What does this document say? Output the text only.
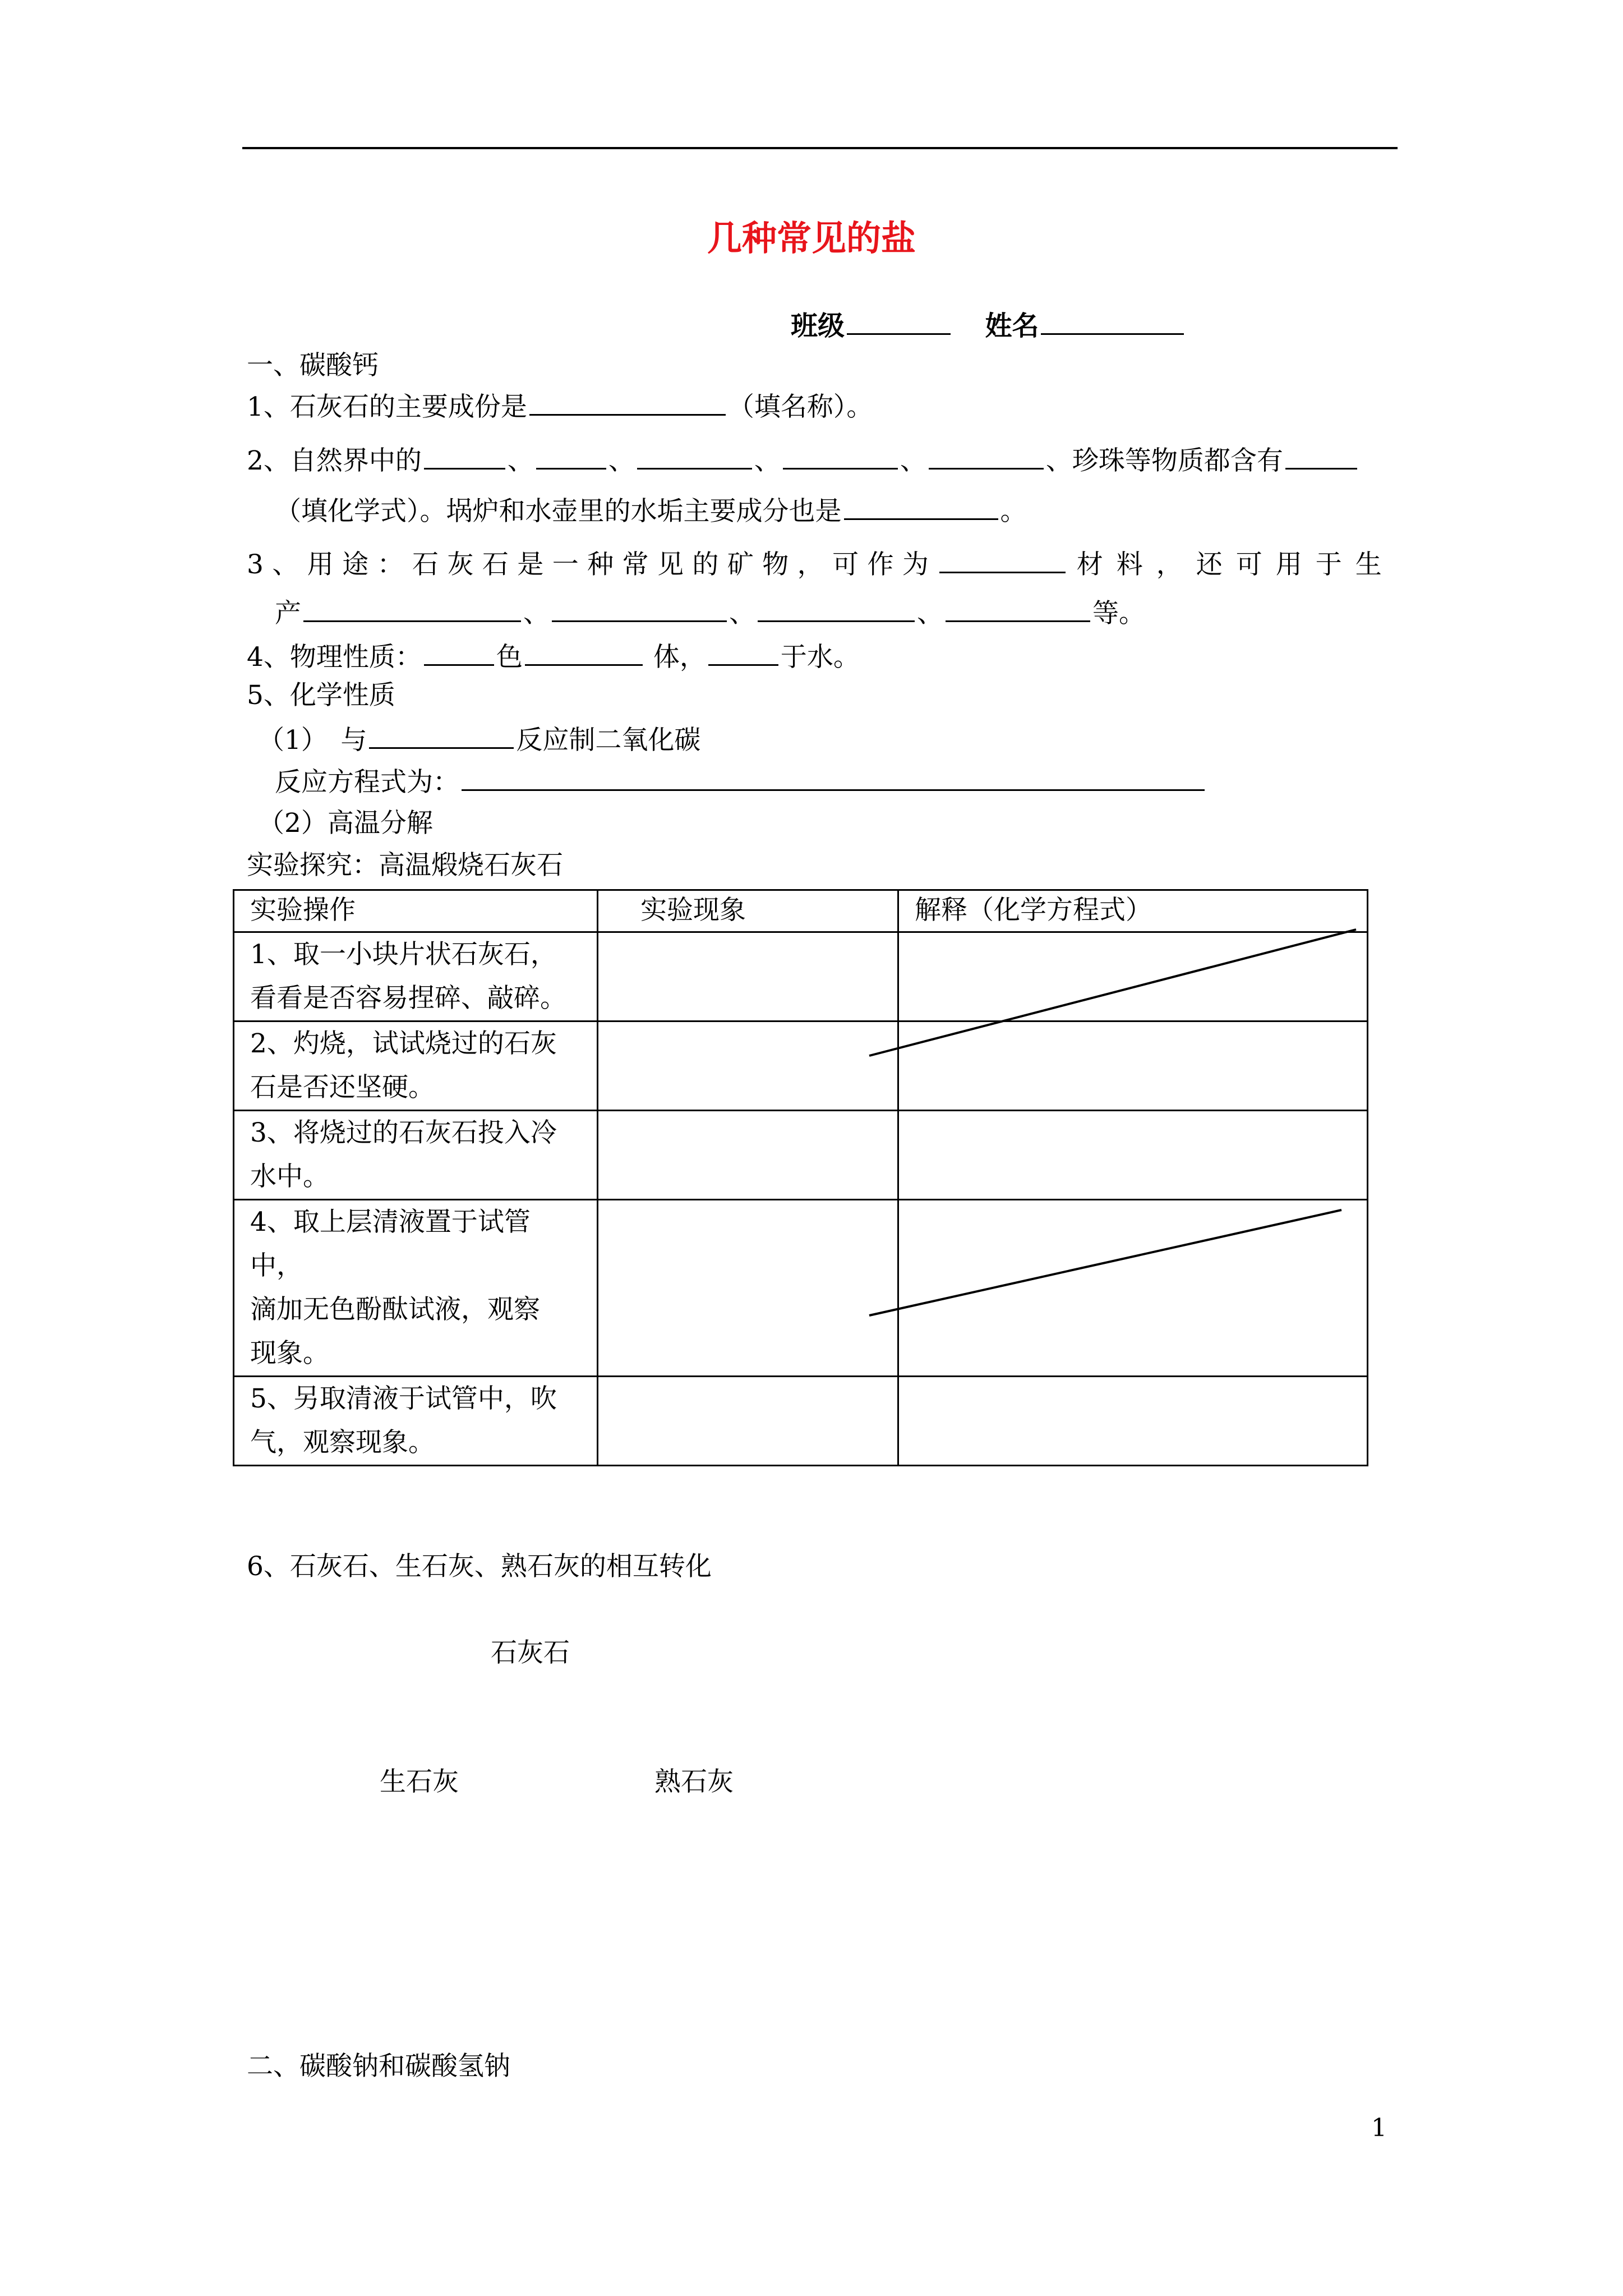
几种常见的盐
班级	姓名
一、碳酸钙
1、石灰石的主要成份是	（填名称）。
2、自然界中的	、	、	、	、	、珍珠等物质都含有
（填化学式）。埚炉和水壶里的水垢主要成分也是	。
3 、 用 途 ： 石 灰 石 是 一 种 常 见 的 矿 物 ， 可 作 为	材料，还可用于生
产	、	、	、	等。
4、物理性质：	色	体，	于水。
5、化学性质
（1）　与	反应制二氧化碳
反应方程式为：
（2）高温分解
实验探究：高温煅烧石灰石
实验操作	实验现象	解释（化学方程式）

1、取一小块片状石灰石，
看看是否容易捏碎、敲碎。		

2、灼烧，试试烧过的石灰
石是否还坚硬。		

3、将烧过的石灰石投入冷
水中。		

4、取上层清液置于试管中，
滴加无色酚酞试液，观察
现象。		

5、另取清液于试管中，吹
气，观察现象。		

6、石灰石、生石灰、熟石灰的相互转化
石灰石
生石灰	熟石灰
二、碳酸钠和碳酸氢钠
1
